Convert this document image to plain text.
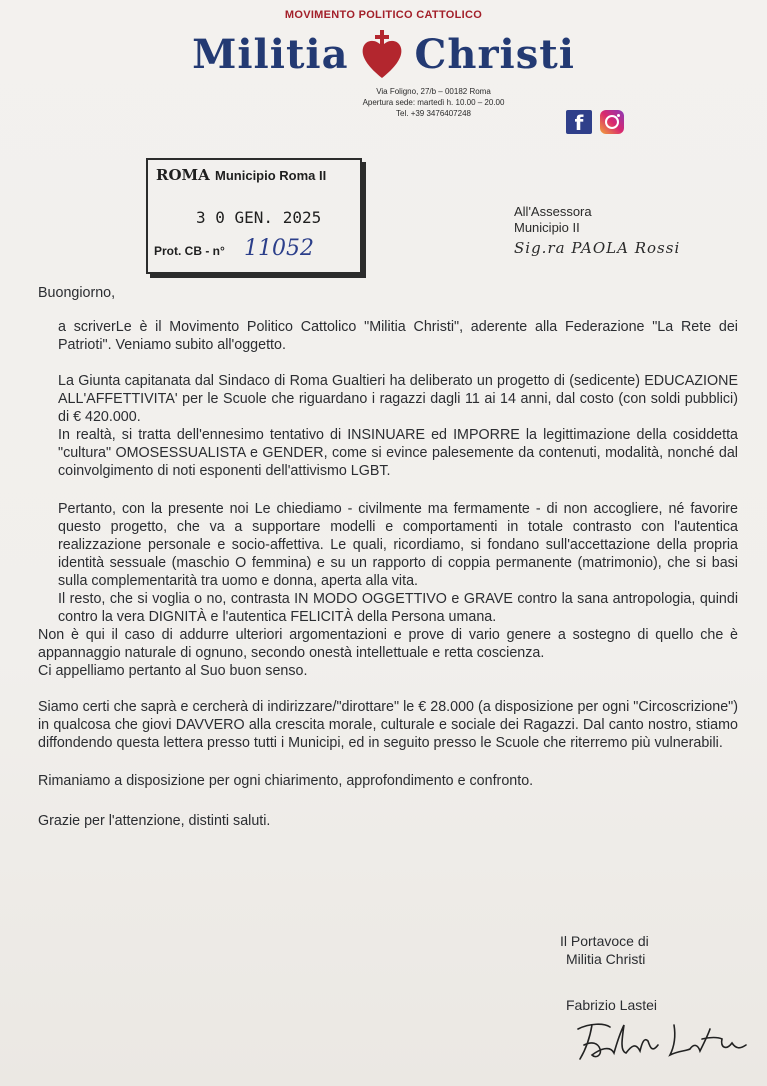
MOVIMENTO POLITICO CATTOLICO
Militia Christi
Via Foligno, 27/b – 00182 Roma
Apertura sede: martedì h. 10.00 – 20.00
Tel. +39 3476407248	f
ROMA Municipio Roma II
3 0 GEN. 2025
Prot. CB - n° 11052
All'Assessora
Municipio II
Sig.ra PAOLA Rossi

Buongiorno,

a scriverLe è il Movimento Politico Cattolico "Militia Christi", aderente alla Federazione "La Rete dei Patrioti". Veniamo subito all'oggetto.

La Giunta capitanata dal Sindaco di Roma Gualtieri ha deliberato un progetto di (sedicente) EDUCAZIONE ALL'AFFETTIVITA' per le Scuole che riguardano i ragazzi dagli 11 ai 14 anni, dal costo (con soldi pubblici) di € 420.000.

In realtà, si tratta dell'ennesimo tentativo di INSINUARE ed IMPORRE la legittimazione della cosiddetta "cultura" OMOSESSUALISTA e GENDER, come si evince palesemente da contenuti, modalità, nonché dal coinvolgimento di noti esponenti dell'attivismo LGBT.

Pertanto, con la presente noi Le chiediamo - civilmente ma fermamente - di non accogliere, né favorire questo progetto, che va a supportare modelli e comportamenti in totale contrasto con l'autentica realizzazione personale e socio-affettiva. Le quali, ricordiamo, si fondano sull'accettazione della propria identità sessuale (maschio O femmina) e su un rapporto di coppia permanente (matrimonio), che si basi sulla complementarità tra uomo e donna, aperta alla vita.

Il resto, che si voglia o no, contrasta IN MODO OGGETTIVO e GRAVE contro la sana antropologia, quindi contro la vera DIGNITÀ e l'autentica FELICITÀ della Persona umana.

Non è qui il caso di addurre ulteriori argomentazioni e prove di vario genere a sostegno di quello che è appannaggio naturale di ognuno, secondo onestà intellettuale e retta coscienza.

Ci appelliamo pertanto al Suo buon senso.

Siamo certi che saprà e cercherà di indirizzare/"dirottare" le € 28.000 (a disposizione per ogni "Circoscrizione") in qualcosa che giovi DAVVERO alla crescita morale, culturale e sociale dei Ragazzi. Dal canto nostro, stiamo diffondendo questa lettera presso tutti i Municipi, ed in seguito presso le Scuole che riterremo più vulnerabili.

Rimaniamo a disposizione per ogni chiarimento, approfondimento e confronto.

Grazie per l'attenzione, distinti saluti.

Il Portavoce di
Militia Christi
Fabrizio Lastei
